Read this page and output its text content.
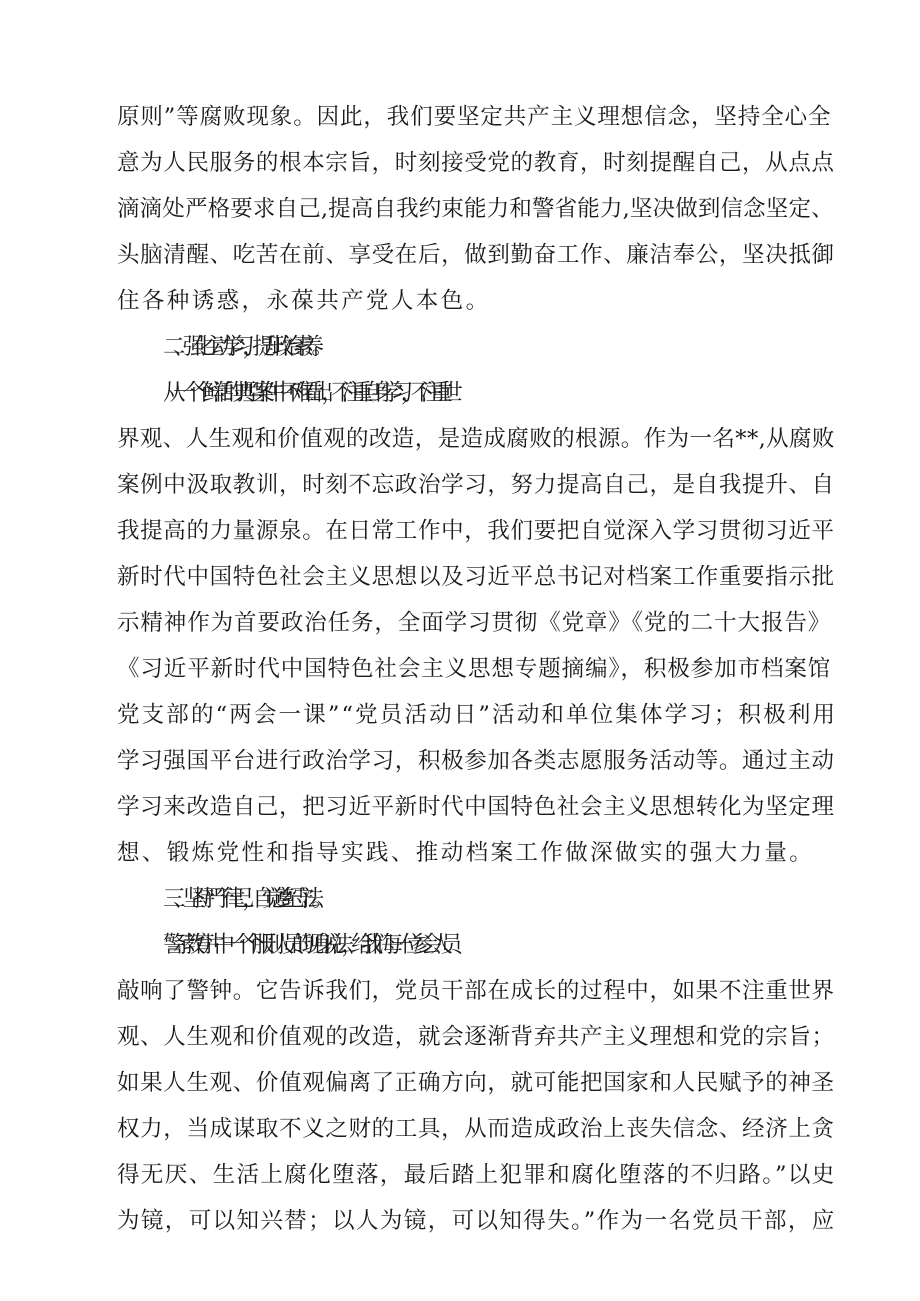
原则”等腐败现象。因此，我们要坚定共产主义理想信念，坚持全心全
意为人民服务的根本宗旨，时刻接受党的教育，时刻提醒自己，从点点
滴滴处严格要求自己,提高自我约束能力和警省能力,坚决做到信念坚定、
头脑清醒、吃苦在前、享受在后，做到勤奋工作、廉洁奉公，坚决抵御
住各种诱惑，永葆共产党人本色。
二、强化主动学习，提升政治素养。
从一个个鲜活的典型案件中不难看出，不注重自身学习，不注重世
界观、人生观和价值观的改造，是造成腐败的根源。作为一名**,从腐败
案例中汲取教训，时刻不忘政治学习，努力提高自己，是自我提升、自
我提高的力量源泉。在日常工作中，我们要把自觉深入学习贯彻习近平
新时代中国特色社会主义思想以及习近平总书记对档案工作重要指示批
示精神作为首要政治任务，全面学习贯彻《党章》《党的二十大报告》
《习近平新时代中国特色社会主义思想专题摘编》，积极参加市档案馆
党支部的“两会一课”“党员活动日”活动和单位集体学习；积极利用
学习强国平台进行政治学习，积极参加各类志愿服务活动等。通过主动
学习来改造自己，把习近平新时代中国特色社会主义思想转化为坚定理
想、锻炼党性和指导实践、推动档案工作做深做实的强大力量。
三、坚持严于律己，自觉遵纪守法。
警示教育片中一个个服刑人员的现身说法，给我们每一位参会人员
敲响了警钟。它告诉我们，党员干部在成长的过程中，如果不注重世界
观、人生观和价值观的改造，就会逐渐背弃共产主义理想和党的宗旨；
如果人生观、价值观偏离了正确方向，就可能把国家和人民赋予的神圣
权力，当成谋取不义之财的工具，从而造成政治上丧失信念、经济上贪
得无厌、生活上腐化堕落，最后踏上犯罪和腐化堕落的不归路。”以史
为镜，可以知兴替；以人为镜，可以知得失。”作为一名党员干部，应
